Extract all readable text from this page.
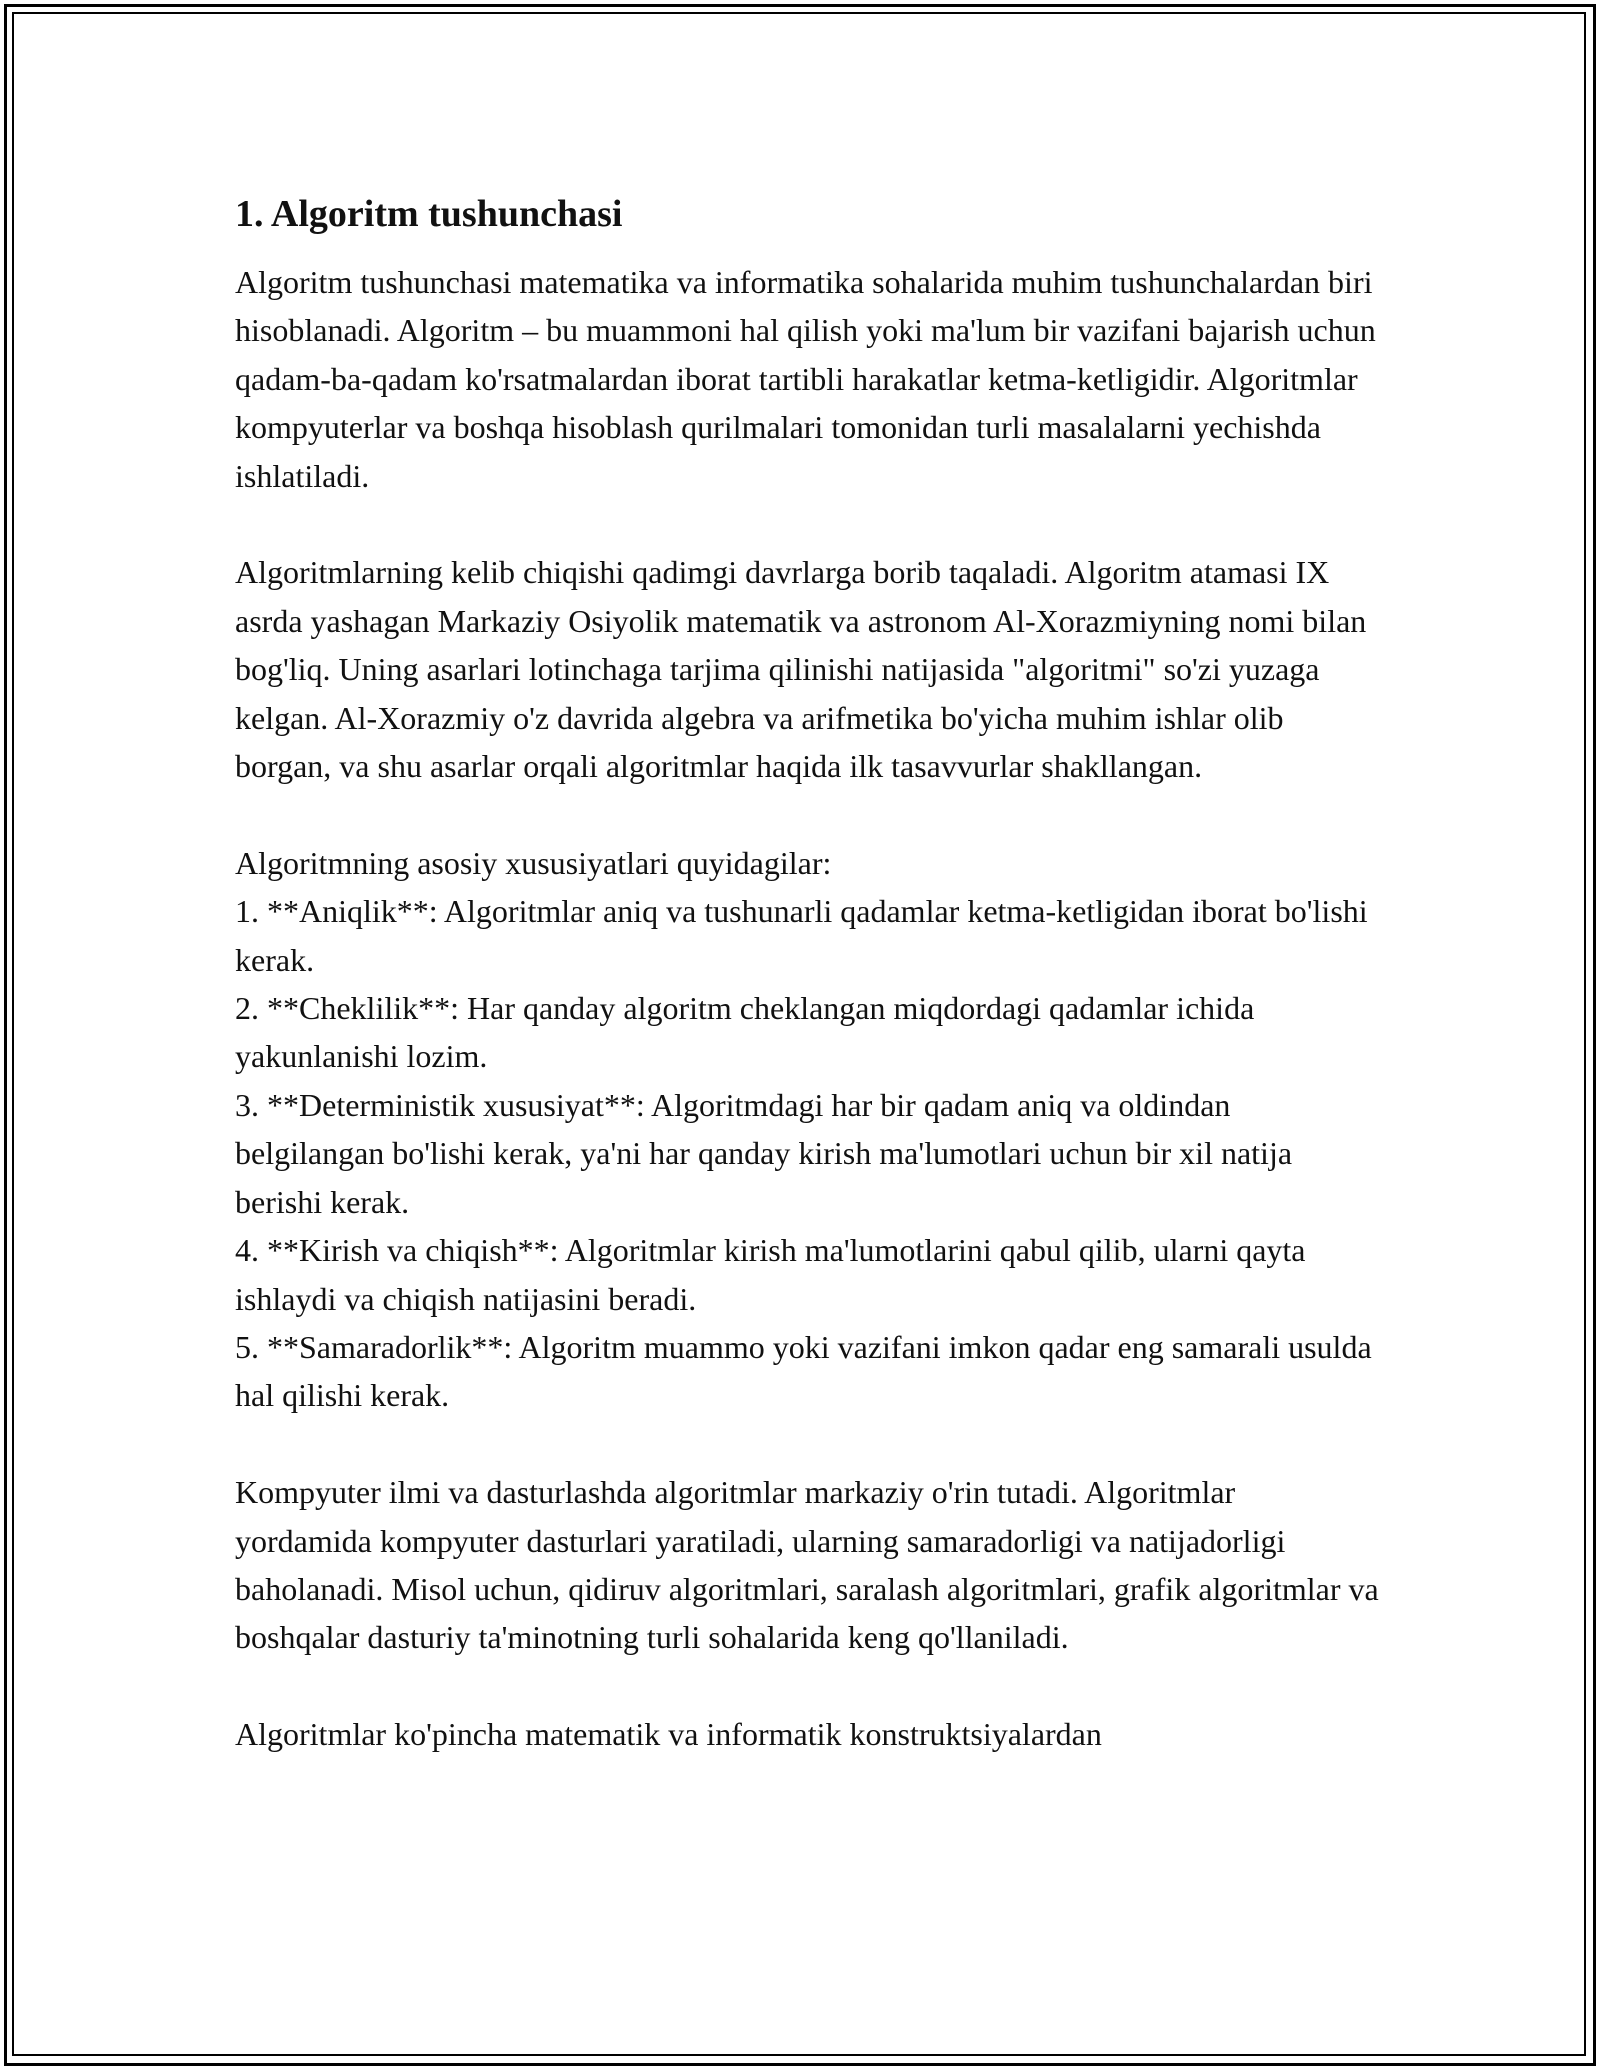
1. Algoritm tushunchasi

Algoritm tushunchasi matematika va informatika sohalarida muhim tushunchalardan biri hisoblanadi. Algoritm – bu muammoni hal qilish yoki ma'lum bir vazifani bajarish uchun qadam-ba-qadam ko'rsatmalardan iborat tartibli harakatlar ketma-ketligidir. Algoritmlar kompyuterlar va boshqa hisoblash qurilmalari tomonidan turli masalalarni yechishda ishlatiladi.

Algoritmlarning kelib chiqishi qadimgi davrlarga borib taqaladi. Algoritm atamasi IX asrda yashagan Markaziy Osiyolik matematik va astronom Al-Xorazmiyning nomi bilan bog'liq. Uning asarlari lotinchaga tarjima qilinishi natijasida "algoritmi" so'zi yuzaga kelgan. Al-Xorazmiy o'z davrida algebra va arifmetika bo'yicha muhim ishlar olib borgan, va shu asarlar orqali algoritmlar haqida ilk tasavvurlar shakllangan.

Algoritmning asosiy xususiyatlari quyidagilar:

1. **Aniqlik**: Algoritmlar aniq va tushunarli qadamlar ketma-ketligidan iborat bo'lishi kerak.

2. **Cheklilik**: Har qanday algoritm cheklangan miqdordagi qadamlar ichida yakunlanishi lozim.

3. **Deterministik xususiyat**: Algoritmdagi har bir qadam aniq va oldindan belgilangan bo'lishi kerak, ya'ni har qanday kirish ma'lumotlari uchun bir xil natija berishi kerak.

4. **Kirish va chiqish**: Algoritmlar kirish ma'lumotlarini qabul qilib, ularni qayta ishlaydi va chiqish natijasini beradi.

5. **Samaradorlik**: Algoritm muammo yoki vazifani imkon qadar eng samarali usulda hal qilishi kerak.

Kompyuter ilmi va dasturlashda algoritmlar markaziy o'rin tutadi. Algoritmlar yordamida kompyuter dasturlari yaratiladi, ularning samaradorligi va natijadorligi baholanadi. Misol uchun, qidiruv algoritmlari, saralash algoritmlari, grafik algoritmlar va boshqalar dasturiy ta'minotning turli sohalarida keng qo'llaniladi.

Algoritmlar ko'pincha matematik va informatik konstruktsiyalardan
